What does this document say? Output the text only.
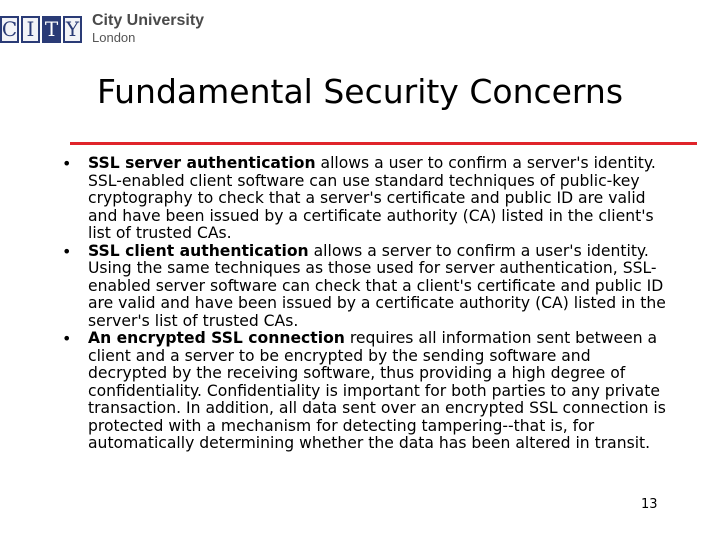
C I T Y City University
London
Fundamental Security Concerns
• SSL server authentication allows a user to confirm a server's identity. SSL-enabled client software can use standard techniques of public-key cryptography to check that a server's certificate and public ID are valid and have been issued by a certificate authority (CA) listed in the client's list of trusted CAs.
• SSL client authentication allows a server to confirm a user's identity. Using the same techniques as those used for server authentication, SSL-enabled server software can check that a client's certificate and public ID are valid and have been issued by a certificate authority (CA) listed in the server's list of trusted CAs.
• An encrypted SSL connection requires all information sent between a client and a server to be encrypted by the sending software and decrypted by the receiving software, thus providing a high degree of confidentiality. Confidentiality is important for both parties to any private transaction. In addition, all data sent over an encrypted SSL connection is protected with a mechanism for detecting tampering--that is, for automatically determining whether the data has been altered in transit.
13
